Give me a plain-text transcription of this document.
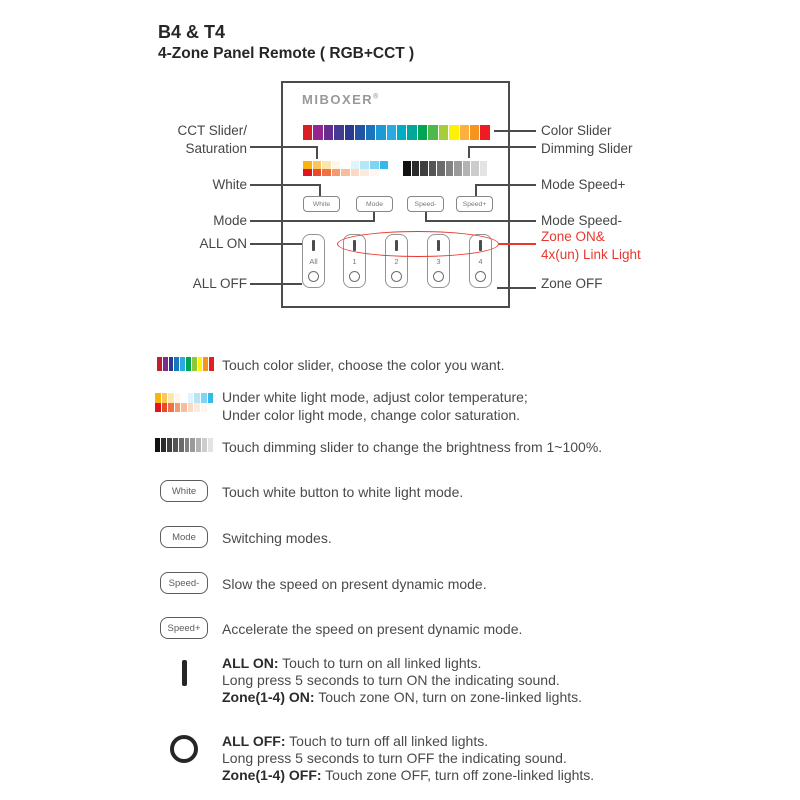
B4 & T4
4-Zone Panel Remote ( RGB+CCT )
MIBOXER®
White	Mode	Speed-	Speed+
All	1	2	3	4
CCT Slider/
Saturation
White
Mode
ALL ON
ALL OFF
Color Slider
Dimming Slider
Mode Speed+
Mode Speed-
Zone ON&
4x(un) Link Light
Zone OFF
Touch color slider, choose the color you want.
Under white light mode, adjust color temperature;
Under color light mode, change color saturation.
Touch dimming slider to change the brightness from 1~100%.
White	Touch white button to white light mode.
Mode	Switching modes.
Speed-	Slow the speed on present dynamic mode.
Speed+	Accelerate the speed on present dynamic mode.
ALL ON: Touch to turn on all linked lights.
Long press 5 seconds to turn ON the indicating sound.
Zone(1-4) ON: Touch zone ON, turn on zone-linked lights.
ALL OFF: Touch to turn off all linked lights.
Long press 5 seconds to turn OFF the indicating sound.
Zone(1-4) OFF: Touch zone OFF, turn off zone-linked lights.
